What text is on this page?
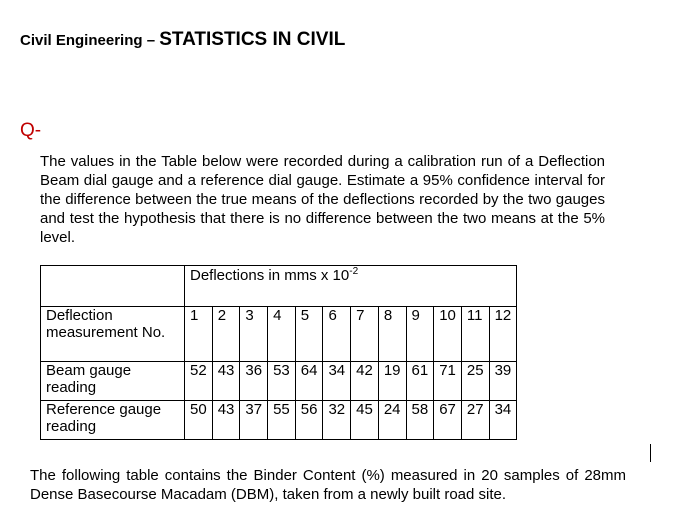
Civil Engineering – STATISTICS IN CIVIL
Q-
The values in the Table below were recorded during a calibration run of a Deflection Beam dial gauge and a reference dial gauge. Estimate a 95% confidence interval for the difference between the true means of the deflections recorded by the two gauges and test the hypothesis that there is no difference between the two means at the 5% level.
	Deflections in mms x $10^{-2}$
Deflection measurement No.	1	2	3	4	5	6	7	8	9	10	11	12
Beam gauge reading	52	43	36	53	64	34	42	19	61	71	25	39
Reference gauge reading	50	43	37	55	56	32	45	24	58	67	27	34
The following table contains the Binder Content (%) measured in 20 samples of 28mm Dense Basecourse Macadam (DBM), taken from a newly built road site.
